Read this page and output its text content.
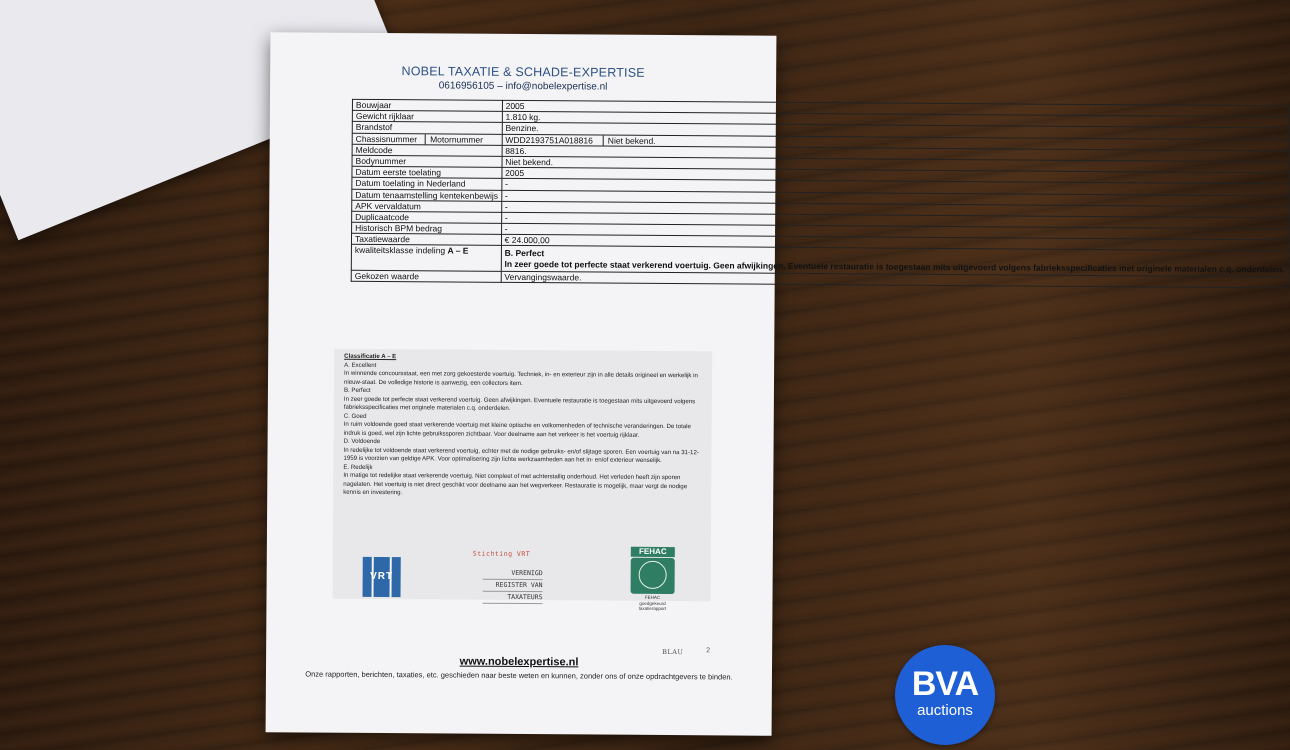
NOBEL TAXATIE & SCHADE-EXPERTISE
0616956105 – info@nobelexpertise.nl
Bouwjaar	2005
Gewicht rijklaar	1.810 kg.
Brandstof	Benzine.
Chassisnummer Motornummer	WDD2193751A018816 Niet bekend.
Meldcode	8816.
Bodynummer	Niet bekend.
Datum eerste toelating	2005
Datum toelating in Nederland	-
Datum tenaamstelling kentekenbewijs	-
APK vervaldatum	-
Duplicaatcode	-
Historisch BPM bedrag	-
Taxatiewaarde	€ 24.000,00
kwaliteitsklasse indeling A – E	B. Perfect
In zeer goede tot perfecte staat verkerend voertuig. Geen afwijkingen. Eventuele restauratie is toegestaan mits uitgevoerd volgens fabrieksspecificaties met originele materialen c.q. onderdelen.

Gekozen waarde	Vervangingswaarde.
Classificatie A – E
A. Excellent
In winnende concoursstaat, een met zorg gekoesterde voertuig. Techniek, in- en exterieur zijn in alle details origineel en werkelijk in nieuw-staat. De volledige historie is aanwezig, een collectors item.
B. Perfect
In zeer goede tot perfecte staat verkerend voertuig. Geen afwijkingen. Eventuele restauratie is toegestaan mits uitgevoerd volgens fabrieksspecificaties met originele materialen c.q. onderdelen.
C. Goed
In ruim voldoende goed staat verkerende voertuig met kleine optische en volkomenheden of technische veranderingen. De totale indruk is goed, wel zijn lichte gebruikssporen zichtbaar. Voor deelname aan het verkeer is het voertuig rijklaar.
D. Voldoende
In redelijke tot voldoende staat verkerend voertuig, echter met de nodige gebruiks- en/of slijtage sporen. Een voertuig van na 31-12-1959 is voorzien van geldige APK. Voor optimalisering zijn lichte werkzaamheden aan het in- en/of exterieur wenselijk.
E. Redelijk
In matige tot redelijke staat verkerende voertuig. Niet compleet of met achterstallig onderhoud. Het verleden heeft zijn sporen nagelaten. Het voertuig is niet direct geschikt voor deelname aan het wegverkeer. Restauratie is mogelijk, maar vergt de nodige kennis en investering.
VRT
Stichting VRT
VERENIGD
REGISTER VAN
TAXATEURS
FEHAC
FEHAC
goedgekeurd
taxatierapport
BLAU	2
www.nobelexpertise.nl
Onze rapporten, berichten, taxaties, etc. geschieden naar beste weten en kunnen, zonder ons of onze opdrachtgevers te binden.	BVA
auctions
